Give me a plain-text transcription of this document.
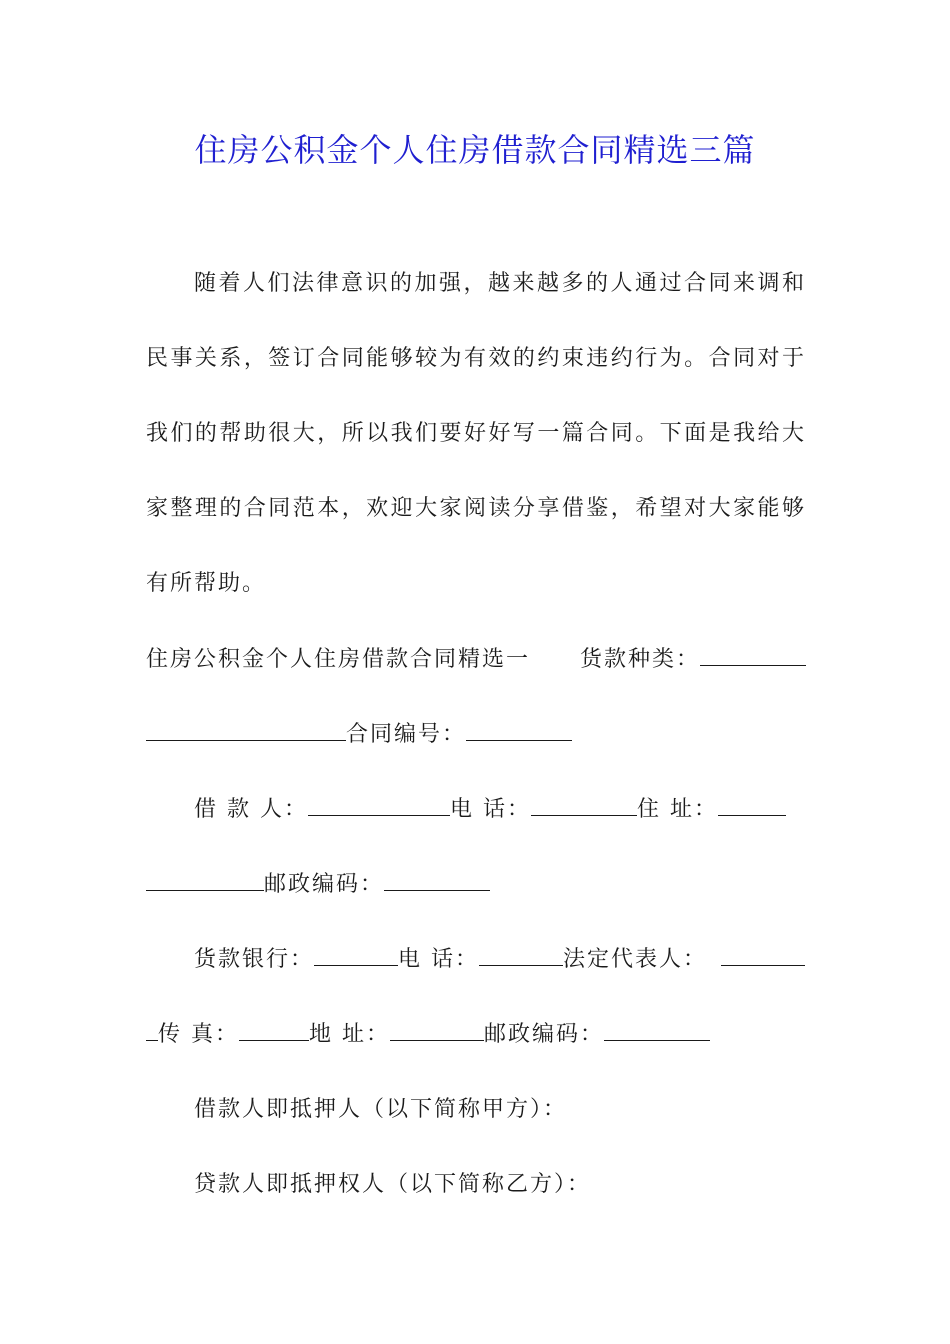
住房公积金个人住房借款合同精选三篇
随着人们法律意识的加强，越来越多的人通过合同来调和
民事关系，签订合同能够较为有效的约束违约行为。合同对于
我们的帮助很大，所以我们要好好写一篇合同。下面是我给大
家整理的合同范本，欢迎大家阅读分享借鉴，希望对大家能够
有所帮助。
住房公积金个人住房借款合同精选一 货款种类：
合同编号：
借 款 人：	电 话：	住 址：
邮政编码：
货款银行：	电 话：	法定代表人：
传 真：	地 址：	邮政编码：
借款人即抵押人（以下简称甲方）：
贷款人即抵押权人（以下简称乙方）：
